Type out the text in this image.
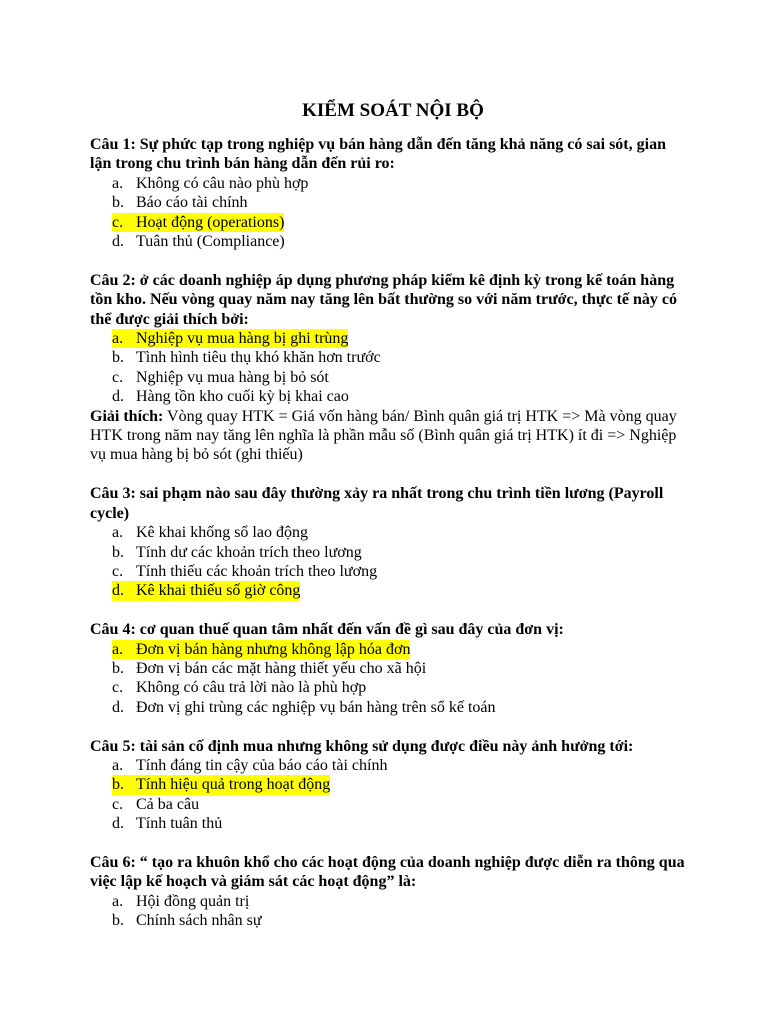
KIỂM SOÁT NỘI BỘ

Câu 1: Sự phức tạp trong nghiệp vụ bán hàng dẫn đến tăng khả năng có sai sót, gian lận trong chu trình bán hàng dẫn đến rủi ro:

a. Không có câu nào phù hợp
b. Báo cáo tài chính
c. Hoạt động (operations)
d. Tuân thủ (Compliance)

Câu 2: ở các doanh nghiệp áp dụng phương pháp kiểm kê định kỳ trong kế toán hàng tồn kho. Nếu vòng quay năm nay tăng lên bất thường so với năm trước, thực tế này có thể được giải thích bởi:

a. Nghiệp vụ mua hàng bị ghi trùng
b. Tình hình tiêu thụ khó khăn hơn trước
c. Nghiệp vụ mua hàng bị bỏ sót
d. Hàng tồn kho cuối kỳ bị khai cao

Giải thích: Vòng quay HTK = Giá vốn hàng bán/ Bình quân giá trị HTK => Mà vòng quay HTK trong năm nay tăng lên nghĩa là phần mẫu số (Bình quân giá trị HTK) ít đi => Nghiệp vụ mua hàng bị bỏ sót (ghi thiếu)

Câu 3: sai phạm nào sau đây thường xảy ra nhất trong chu trình tiền lương (Payroll cycle)

a. Kê khai khống sổ lao động
b. Tính dư các khoản trích theo lương
c. Tính thiếu các khoản trích theo lương
d. Kê khai thiếu số giờ công

Câu 4: cơ quan thuế quan tâm nhất đến vấn đề gì sau đây của đơn vị:

a. Đơn vị bán hàng nhưng không lập hóa đơn
b. Đơn vị bán các mặt hàng thiết yếu cho xã hội
c. Không có câu trả lời nào là phù hợp
d. Đơn vị ghi trùng các nghiệp vụ bán hàng trên sổ kế toán

Câu 5: tài sản cố định mua nhưng không sử dụng được điều này ảnh hưởng tới:

a. Tính đáng tin cậy của báo cáo tài chính
b. Tính hiệu quả trong hoạt động
c. Cả ba câu
d. Tính tuân thủ

Câu 6: “ tạo ra khuôn khổ cho các hoạt động của doanh nghiệp được diễn ra thông qua việc lập kế hoạch và giám sát các hoạt động” là:

a. Hội đồng quản trị
b. Chính sách nhân sự
